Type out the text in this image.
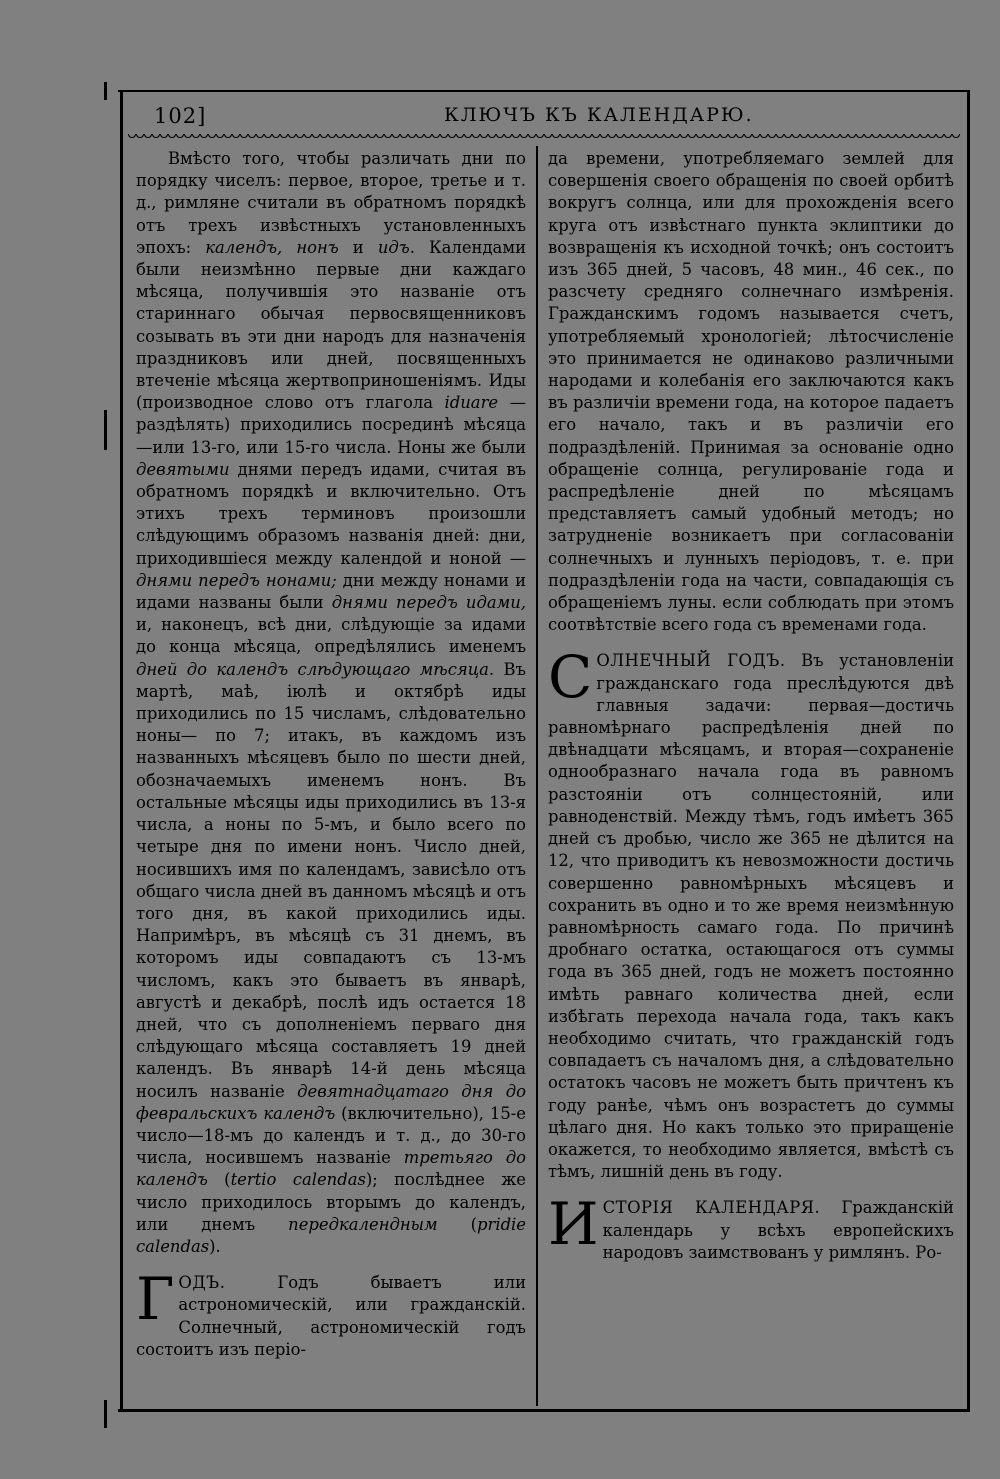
102]	КЛЮЧЪ КЪ КАЛЕНДАРЮ.

Вмѣсто того, чтобы различать дни по порядку чиселъ: первое, второе, третье и т. д., римляне считали въ обратномъ порядкѣ отъ трехъ извѣстныхъ установленныхъ эпохъ: календъ, нонъ и идъ. Календами были неизмѣнно первые дни каждаго мѣсяца, получившія это названіе отъ стариннаго обычая первосвященниковъ созывать въ эти дни народъ для назначенія праздниковъ или дней, посвященныхъ втеченіе мѣсяца жертвоприношеніямъ. Иды (производное слово отъ глагола iduare — раздѣлять) приходились посрединѣ мѣсяца—или 13-го, или 15-го числа. Ноны же были девятыми днями передъ идами, считая въ обратномъ порядкѣ и включительно. Отъ этихъ трехъ терминовъ произошли слѣдующимъ образомъ названія дней: дни, приходившіеся между календой и ноной — днями передъ нонами; дни между нонами и идами названы были днями передъ идами, и, наконецъ, всѣ дни, слѣдующіе за идами до конца мѣсяца, опредѣлялись именемъ дней до календъ слѣдующаго мѣсяца. Въ мартѣ, маѣ, іюлѣ и октябрѣ иды приходились по 15 числамъ, слѣдовательно ноны— по 7; итакъ, въ каждомъ изъ названныхъ мѣсяцевъ было по шести дней, обозначаемыхъ именемъ нонъ. Въ остальные мѣсяцы иды приходились въ 13-я числа, а ноны по 5-мъ, и было всего по четыре дня по имени нонъ. Число дней, носившихъ имя по календамъ, зависѣло отъ общаго числа дней въ данномъ мѣсяцѣ и отъ того дня, въ какой приходились иды. Напримѣръ, въ мѣсяцѣ съ 31 днемъ, въ которомъ иды совпадаютъ съ 13-мъ числомъ, какъ это бываетъ въ январѣ, августѣ и декабрѣ, послѣ идъ остается 18 дней, что съ дополненіемъ перваго дня слѣдующаго мѣсяца составляетъ 19 дней календъ. Въ январѣ 14-й день мѣсяца носилъ названіе девятнадцатаго дня до февральскихъ календъ (включительно), 15-е число—18-мъ до календъ и т. д., до 30-го числа, носившемъ названіе третьяго до календъ (tertio calendas); послѣднее же число приходилось вторымъ до календъ, или днемъ передкалендным (pridie calendas).

ГОДЪ.	Годъ бываетъ или астрономическій, или гражданскій. Солнечный, астрономическій годъ состоитъ изъ періо-

да времени, употребляемаго землей для совершенія своего обращенія по своей орбитѣ вокругъ солнца, или для прохожденія всего круга отъ извѣстнаго пункта эклиптики до возвращенія къ исходной точкѣ; онъ состоитъ изъ 365 дней, 5 часовъ, 48 мин., 46 сек., по разсчету средняго солнечнаго измѣренія. Гражданскимъ годомъ называется счетъ, употребляемый хронологіей; лѣтосчисленіе это принимается не одинаково различными народами и колебанія его заключаются какъ въ различіи времени года, на которое падаетъ его начало, такъ и въ различіи его подраздѣленій. Принимая за основаніе одно обращеніе солнца, регулированіе года и распредѣленіе дней по мѣсяцамъ представляетъ самый удобный методъ; но затрудненіе возникаетъ при согласованіи солнечныхъ и лунныхъ періодовъ, т. е. при подраздѣленіи года на части, совпадающія съ обращеніемъ луны. если соблюдать при этомъ соотвѣтствіе всего года съ временами года.

СОЛНЕЧНЫЙ ГОДЪ. Въ установленіи гражданскаго года преслѣдуются двѣ главныя задачи: первая—достичь равномѣрнаго распредѣленія дней по двѣнадцати мѣсяцамъ, и вторая—сохраненіе однообразнаго начала года въ равномъ разстояніи отъ солнцестояній, или равноденствій. Между тѣмъ, годъ имѣетъ 365 дней съ дробью, число же 365 не дѣлится на 12, что приводитъ къ невозможности достичь совершенно равномѣрныхъ мѣсяцевъ и сохранить въ одно и то же время неизмѣнную равномѣрность самаго года. По причинѣ дробнаго остатка, остающагося отъ суммы года въ 365 дней, годъ не можетъ постоянно имѣть равнаго количества дней, если избѣгать перехода начала года, такъ какъ необходимо считать, что гражданскій годъ совпадаетъ съ началомъ дня, а слѣдовательно остатокъ часовъ не можетъ быть причтенъ къ году ранѣе, чѣмъ онъ возрастетъ до суммы цѣлаго дня. Но какъ только это приращеніе окажется, то необходимо является, вмѣстѣ съ тѣмъ, лишній день въ году.

ИСТОРІЯ КАЛЕНДАРЯ. Гражданскій календарь у всѣхъ европейскихъ народовъ заимствованъ у римлянъ. Ро-
